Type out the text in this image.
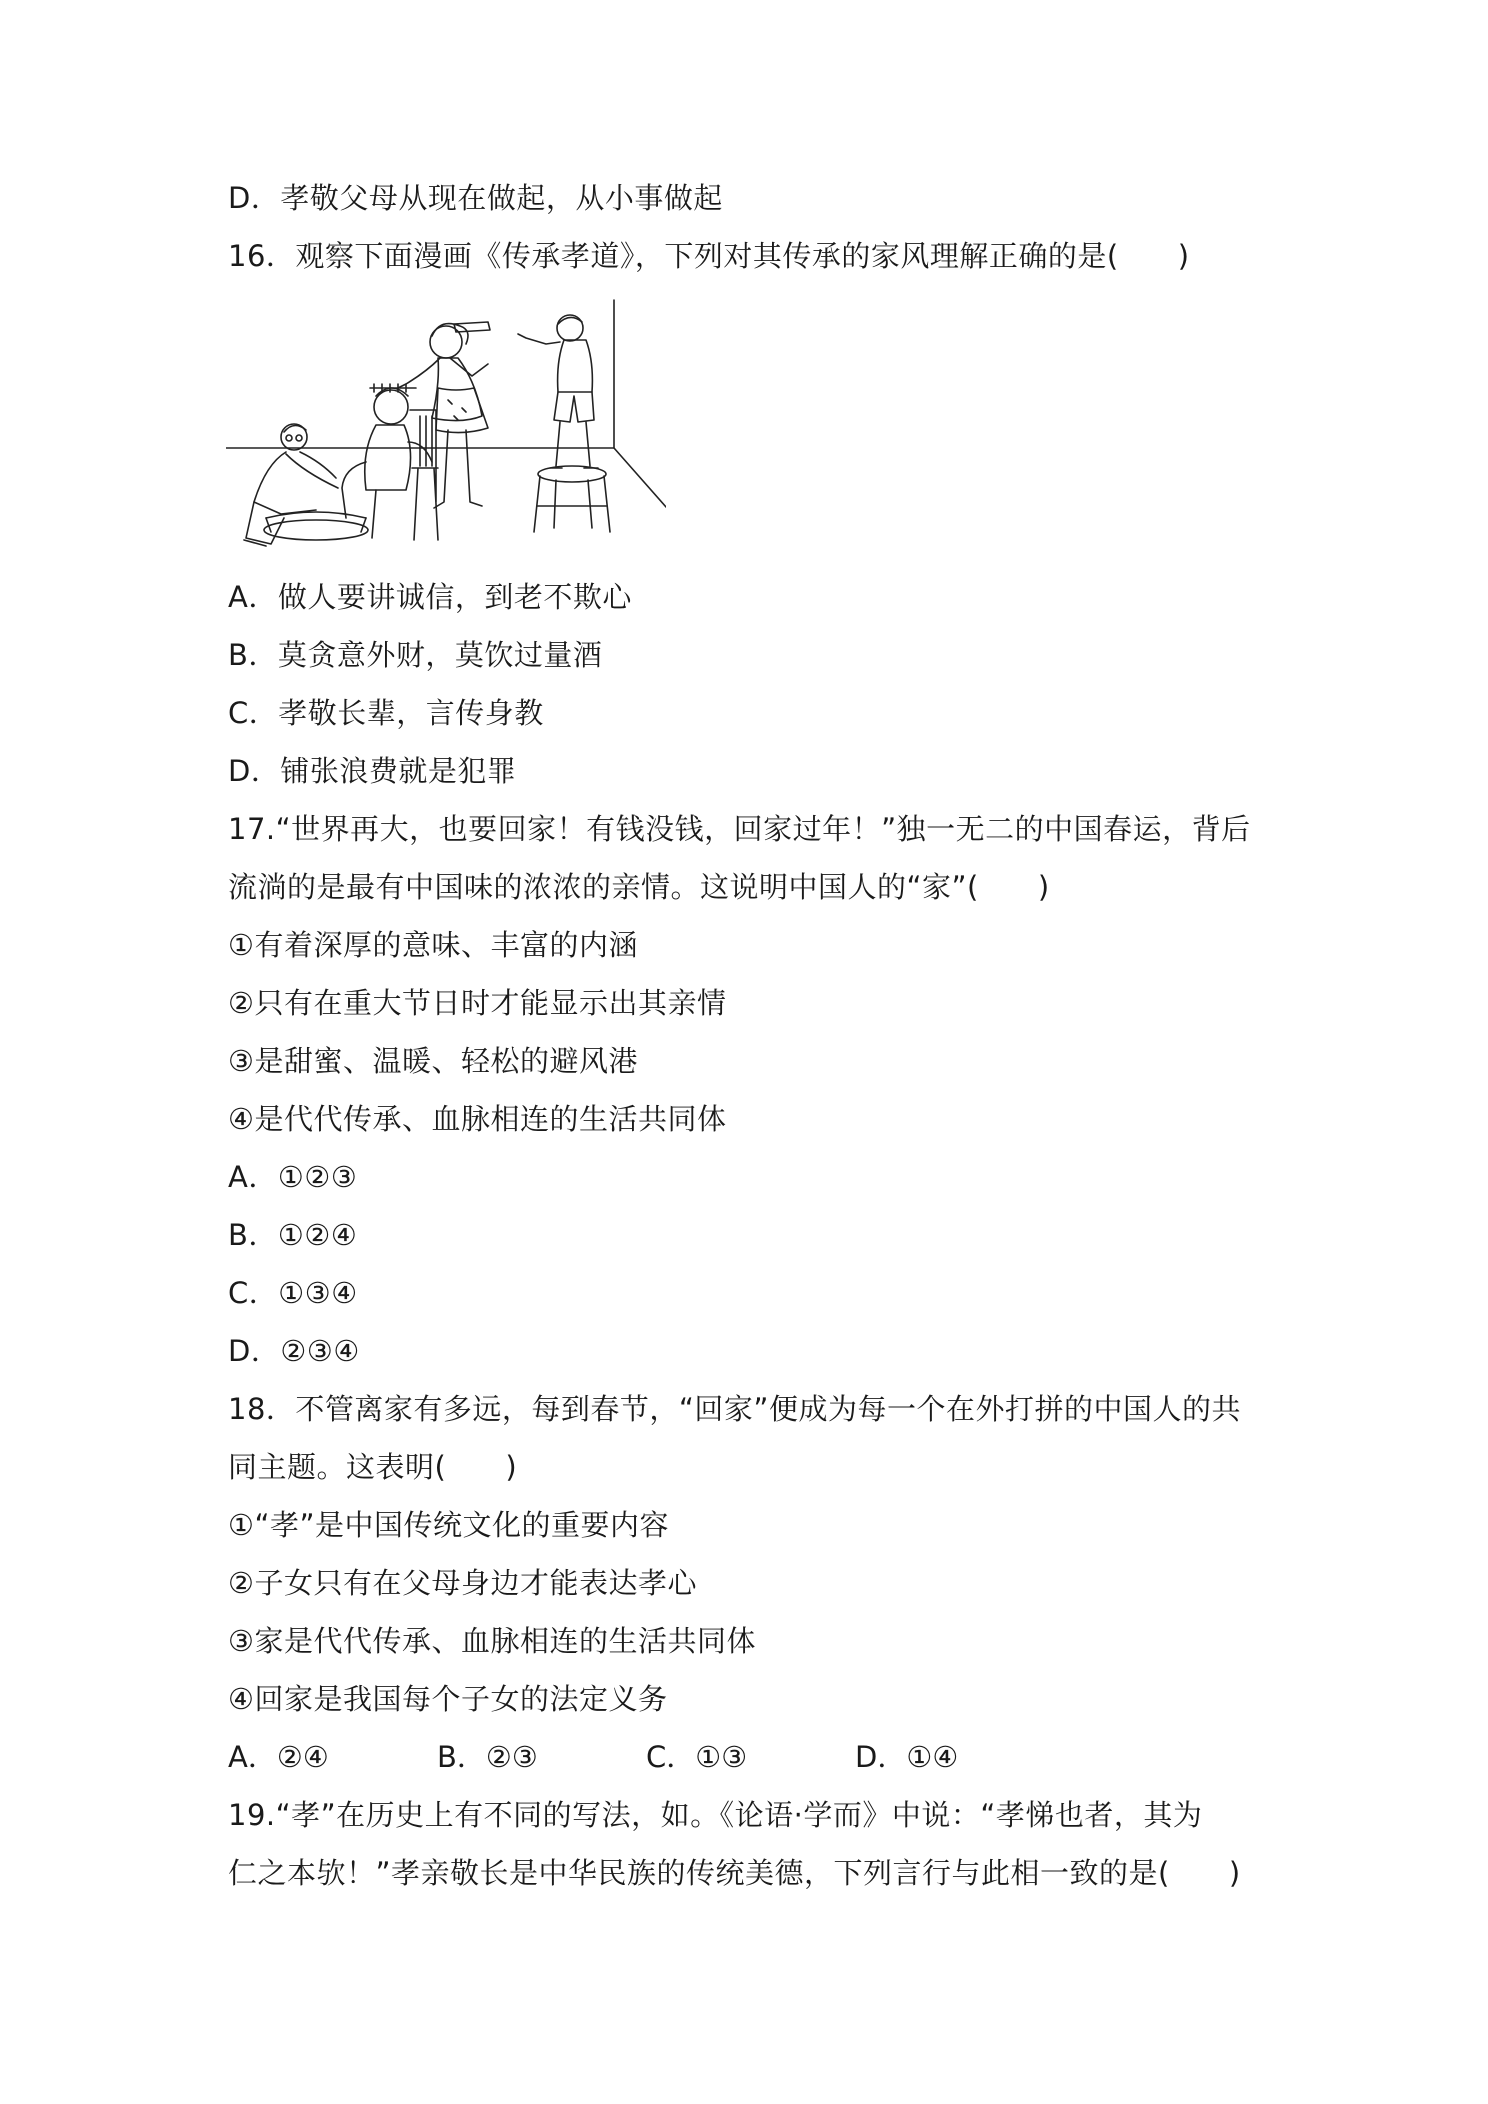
D．孝敬父母从现在做起，从小事做起
16．观察下面漫画《传承孝道》，下列对其传承的家风理解正确的是(　　)
A．做人要讲诚信，到老不欺心
B．莫贪意外财，莫饮过量酒
C．孝敬长辈，言传身教
D．铺张浪费就是犯罪
17.“世界再大，也要回家！有钱没钱，回家过年！”独一无二的中国春运，背后
流淌的是最有中国味的浓浓的亲情。这说明中国人的“家”(　　)
①有着深厚的意味、丰富的内涵
②只有在重大节日时才能显示出其亲情
③是甜蜜、温暖、轻松的避风港
④是代代传承、血脉相连的生活共同体
A．①②③
B．①②④
C．①③④
D．②③④
18．不管离家有多远，每到春节，“回家”便成为每一个在外打拼的中国人的共
同主题。这表明(　　)
①“孝”是中国传统文化的重要内容
②子女只有在父母身边才能表达孝心
③家是代代传承、血脉相连的生活共同体
④回家是我国每个子女的法定义务
A．②④	B．②③	C．①③	D．①④
19.“孝”在历史上有不同的写法，如。《论语·学而》中说：“孝悌也者，其为
仁之本欤！”孝亲敬长是中华民族的传统美德，下列言行与此相一致的是(　　)
